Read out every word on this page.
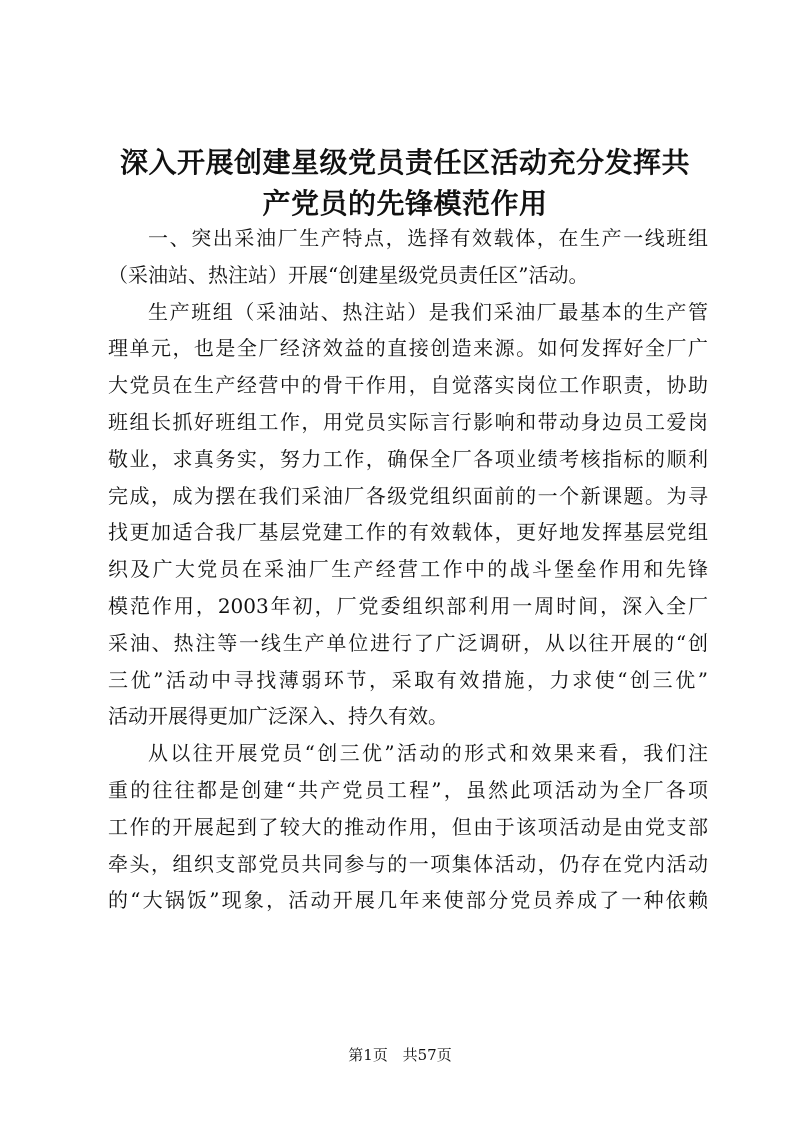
深入开展创建星级党员责任区活动充分发挥共
产党员的先锋模范作用
一、突出采油厂生产特点，选择有效载体，在生产一线班组
（采油站、热注站）开展“创建星级党员责任区”活动。
生产班组（采油站、热注站）是我们采油厂最基本的生产管
理单元，也是全厂经济效益的直接创造来源。如何发挥好全厂广
大党员在生产经营中的骨干作用，自觉落实岗位工作职责，协助
班组长抓好班组工作，用党员实际言行影响和带动身边员工爱岗
敬业，求真务实，努力工作，确保全厂各项业绩考核指标的顺利
完成，成为摆在我们采油厂各级党组织面前的一个新课题。为寻
找更加适合我厂基层党建工作的有效载体，更好地发挥基层党组
织及广大党员在采油厂生产经营工作中的战斗堡垒作用和先锋
模范作用，2003年初，厂党委组织部利用一周时间，深入全厂
采油、热注等一线生产单位进行了广泛调研，从以往开展的“创
三优”活动中寻找薄弱环节，采取有效措施，力求使“创三优”
活动开展得更加广泛深入、持久有效。
从以往开展党员“创三优”活动的形式和效果来看，我们注
重的往往都是创建“共产党员工程”，虽然此项活动为全厂各项
工作的开展起到了较大的推动作用，但由于该项活动是由党支部
牵头，组织支部党员共同参与的一项集体活动，仍存在党内活动
的“大锅饭”现象，活动开展几年来使部分党员养成了一种依赖
第1页 共57页
